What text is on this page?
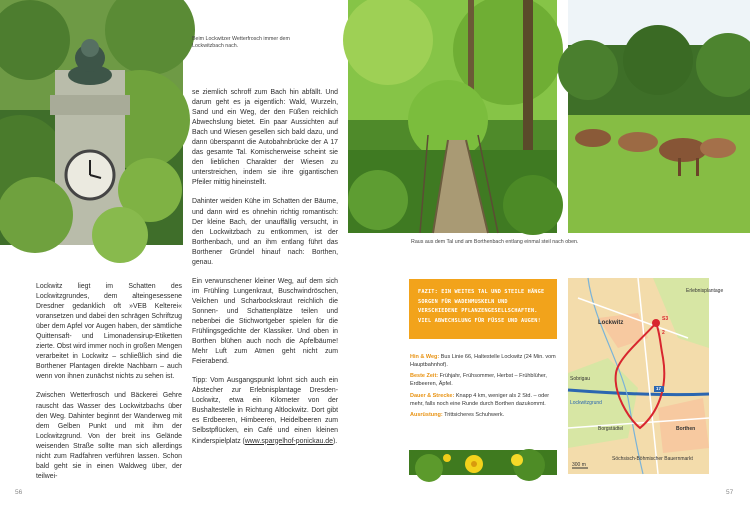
Beim Lockwitzer Wetterfrosch immer dem Lockwitzbach nach.

Lockwitz liegt im Schatten des Lockwitzgrundes, dem alteingesessene Dresdner gedanklich oft »VEB Kelterei« voransetzen und dabei den schrägen Schriftzug über dem Apfel vor Augen haben, der sämtliche Quittensaft- und Limonadensirup-Etiketten zierte. Obst wird immer noch in großen Mengen verarbeitet in Lockwitz – schließlich sind die Borthener Plantagen direkte Nachbarn – auch wenn von ihnen zunächst nichts zu sehen ist.

Zwischen Wetterfrosch und Bäckerei Gehre rauscht das Wasser des Lockwitzbachs über den Weg. Dahinter beginnt der Wanderweg mit dem Gelben Punkt und mit ihm der Lockwitzgrund. Von der breit ins Gelände weisenden Straße sollte man sich allerdings nicht zum Radfahren verführen lassen. Schon bald geht sie in einen Waldweg über, der teilwei-

se ziemlich schroff zum Bach hin abfällt. Und darum geht es ja eigentlich: Wald, Wurzeln, Sand und ein Weg, der den Füßen reichlich Abwechslung bietet. Ein paar Aussichten auf Bach und Wiesen gesellen sich bald dazu, und dann überspannt die Autobahnbrücke der A 17 das gesamte Tal. Komischerweise scheint sie den lieblichen Charakter der Wiesen zu unterstreichen, indem sie ihre gigantischen Pfeiler mittig hineinstellt.

Dahinter weiden Kühe im Schatten der Bäume, und dann wird es ohnehin richtig romantisch: Der kleine Bach, der unauffällig versucht, in den Lockwitzbach zu entkommen, ist der Borthenbach, und an ihm entlang führt das Borthener Gründel hinauf nach: Borthen, genau.

Ein verwunschener kleiner Weg, auf dem sich im Frühling Lungenkraut, Buschwindröschen, Veilchen und Scharbockskraut reichlich die Sonnen- und Schattenplätze teilen und nebenbei die Stichwortgeber spielen für die Frühlingsgedichte der Klassiker. Und oben in Borthen blühen auch noch die Apfelbäume! Mehr Luft zum Atmen geht nicht zum Feierabend.

Tipp: Vom Ausgangspunkt lohnt sich auch ein Abstecher zur Erlebnisplantage Dresden-Lockwitz, etwa ein Kilometer von der Bushaltestelle in Richtung Altlockwitz. Dort gibt es Erdbeeren, Himbeeren, Heidelbeeren zum Selbstpflücken, ein Café und einen kleinen Kinderspielplatz (www.spargelhof-ponickau.de).

56
Raus aus dem Tal und am Borthenbach entlang einmal steil nach oben.
FAZIT: EIN WEITES TAL UND STEILE HÄNGE SORGEN FÜR WADENMUSKELN UND VERSCHIEDENE PFLANZENGESELLSCHAFTEN. VIEL ABWECHSLUNG FÜR FÜSSE UND AUGEN!
Hin & Weg: Bus Linie 66, Haltestelle Lockwitz (24 Min. vom Hauptbahnhof).
Beste Zeit: Frühjahr, Frühsommer, Herbst – Frühblüher, Erdbeeren, Äpfel.
Dauer & Strecke: Knapp 4 km, weniger als 2 Std. – oder mehr, falls noch eine Runde durch Borthen dazukommt.
Ausrüstung: Trittsicheres Schuhwerk.
Erlebnisplantage
Lockwitz
Sobrigau
Lockwitzgrund
Borgstädtel	Borthen
Söchsisch-Böhmischer Bauernmarkt
S3
2
17
300 m
57
